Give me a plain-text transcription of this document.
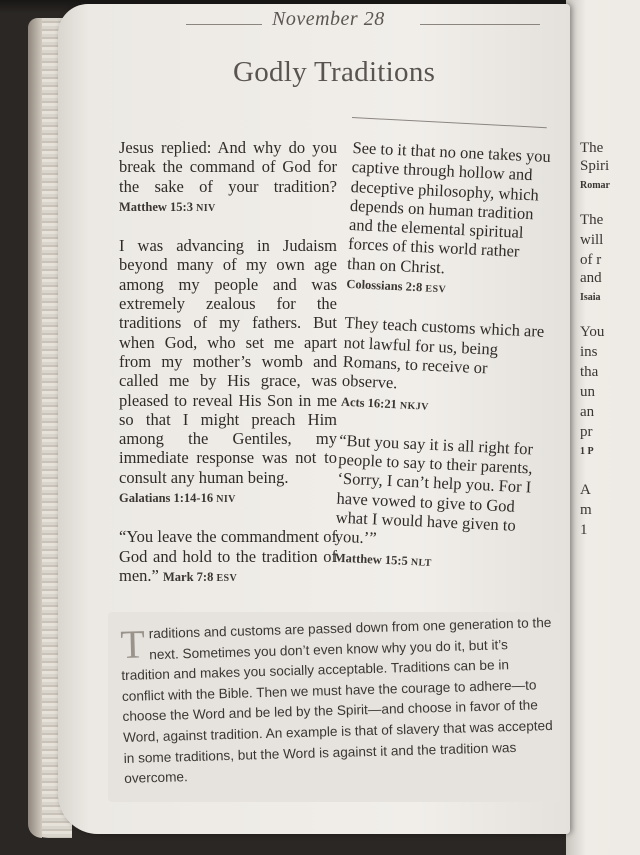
The
Spiri
Romar
The
will
of r
and
Isaia
You
ins
tha
un
an
pr
1 P
A
m
1
November 28
Godly Traditions

Jesus replied: And why do you break the command of God for the sake of your tradition? Matthew 15:3 NIV

I was advancing in Judaism beyond many of my own age among my people and was extremely zealous for the traditions of my fathers. But when God, who set me apart from my mother’s womb and called me by His grace, was pleased to reveal His Son in me so that I might preach Him among the Gentiles, my immediate response was not to consult any human being.
Galatians 1:14-16 NIV

“You leave the commandment of God and hold to the tradition of men.” Mark 7:8 ESV

See to it that no one takes you captive through hollow and deceptive philosophy, which depends on human tradition and the elemental spiritual forces of this world rather than on Christ.
Colossians 2:8 ESV

They teach customs which are not lawful for us, being Romans, to receive or observe.
Acts 16:21 NKJV

“But you say it is all right for people to say to their parents, ‘Sorry, I can’t help you. For I have vowed to give to God what I would have given to you.’”
Matthew 15:5 NLT

Traditions and customs are passed down from one generation to the next. Sometimes you don’t even know why you do it, but it’s tradition and makes you socially acceptable. Traditions can be in conflict with the Bible. Then we must have the courage to adhere—to choose the Word and be led by the Spirit—and choose in favor of the Word, against tradition. An example is that of slavery that was accepted in some traditions, but the Word is against it and the tradition was overcome.
